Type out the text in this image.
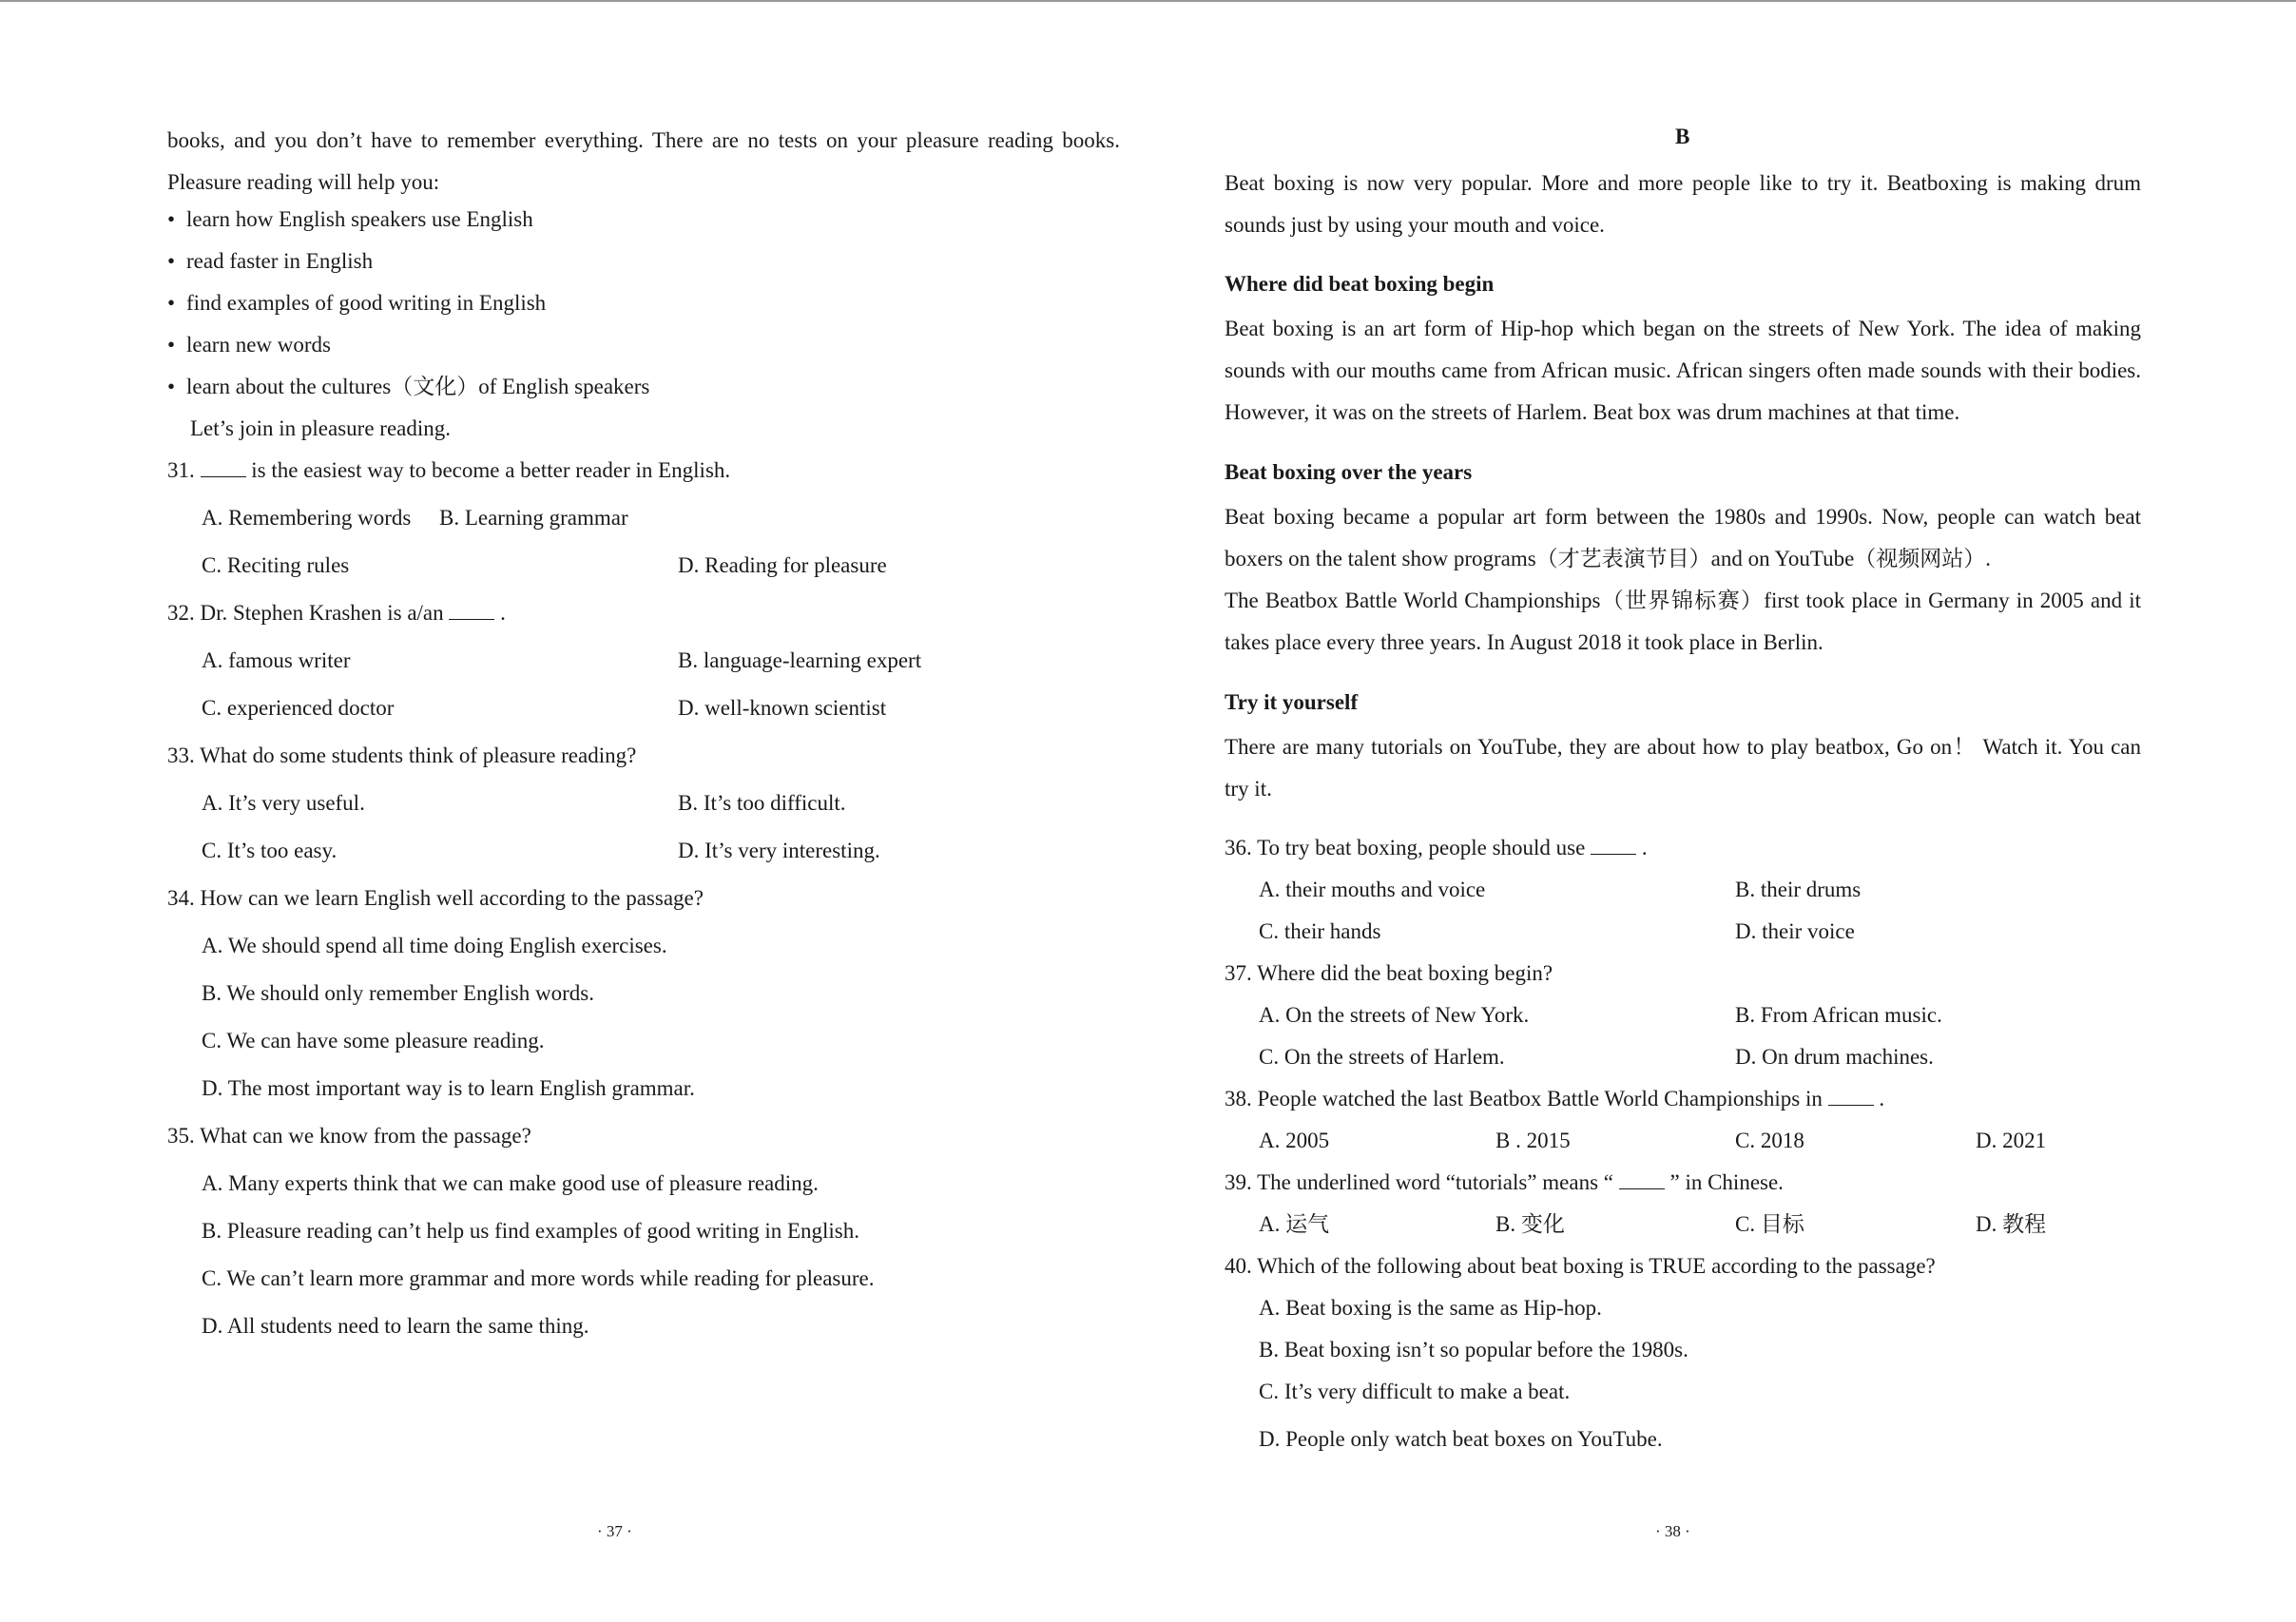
books, and you don’t have to remember everything. There are no tests on your pleasure reading books. Pleasure reading will help you:
• learn how English speakers use English
• read faster in English
• find examples of good writing in English
• learn new words
• learn about the cultures（文化）of English speakers
Let’s join in pleasure reading.
31.  is the easiest way to become a better reader in English.
A. Remembering words B. Learning grammar
C. Reciting rules	D. Reading for pleasure
32. Dr. Stephen Krashen is a/an  .
A. famous writer	B. language-learning expert
C. experienced doctor	D. well-known scientist
33. What do some students think of pleasure reading?
A. It’s very useful.	B. It’s too difficult.
C. It’s too easy.	D. It’s very interesting.
34. How can we learn English well according to the passage?
A. We should spend all time doing English exercises.
B. We should only remember English words.
C. We can have some pleasure reading.
D. The most important way is to learn English grammar.
35. What can we know from the passage?
A. Many experts think that we can make good use of pleasure reading.
B. Pleasure reading can’t help us find examples of good writing in English.
C. We can’t learn more grammar and more words while reading for pleasure.
D. All students need to learn the same thing.
· 37 ·
B
Beat boxing is now very popular. More and more people like to try it. Beatboxing is making drum sounds just by using your mouth and voice.
Where did beat boxing begin
Beat boxing is an art form of Hip-hop which began on the streets of New York. The idea of making sounds with our mouths came from African music. African singers often made sounds with their bodies. However, it was on the streets of Harlem. Beat box was drum machines at that time.
Beat boxing over the years
Beat boxing became a popular art form between the 1980s and 1990s. Now, people can watch beat boxers on the talent show programs（才艺表演节目）and on YouTube（视频网站）.
The Beatbox Battle World Championships（世界锦标赛）first took place in Germany in 2005 and it takes place every three years. In August 2018 it took place in Berlin.
Try it yourself
There are many tutorials on YouTube, they are about how to play beatbox, Go on！ Watch it. You can try it.
36. To try beat boxing, people should use  .
A. their mouths and voice	B. their drums
C. their hands	D. their voice
37. Where did the beat boxing begin?
A. On the streets of New York.	B. From African music.
C. On the streets of Harlem.	D. On drum machines.
38. People watched the last Beatbox Battle World Championships in  .
A. 2005	B . 2015	C. 2018	D. 2021
39. The underlined word “tutorials” means “  ” in Chinese.
A. 运气	B. 变化	C. 目标	D. 教程
40. Which of the following about beat boxing is TRUE according to the passage?
A. Beat boxing is the same as Hip-hop.
B. Beat boxing isn’t so popular before the 1980s.
C. It’s very difficult to make a beat.
D. People only watch beat boxes on YouTube.
· 38 ·
